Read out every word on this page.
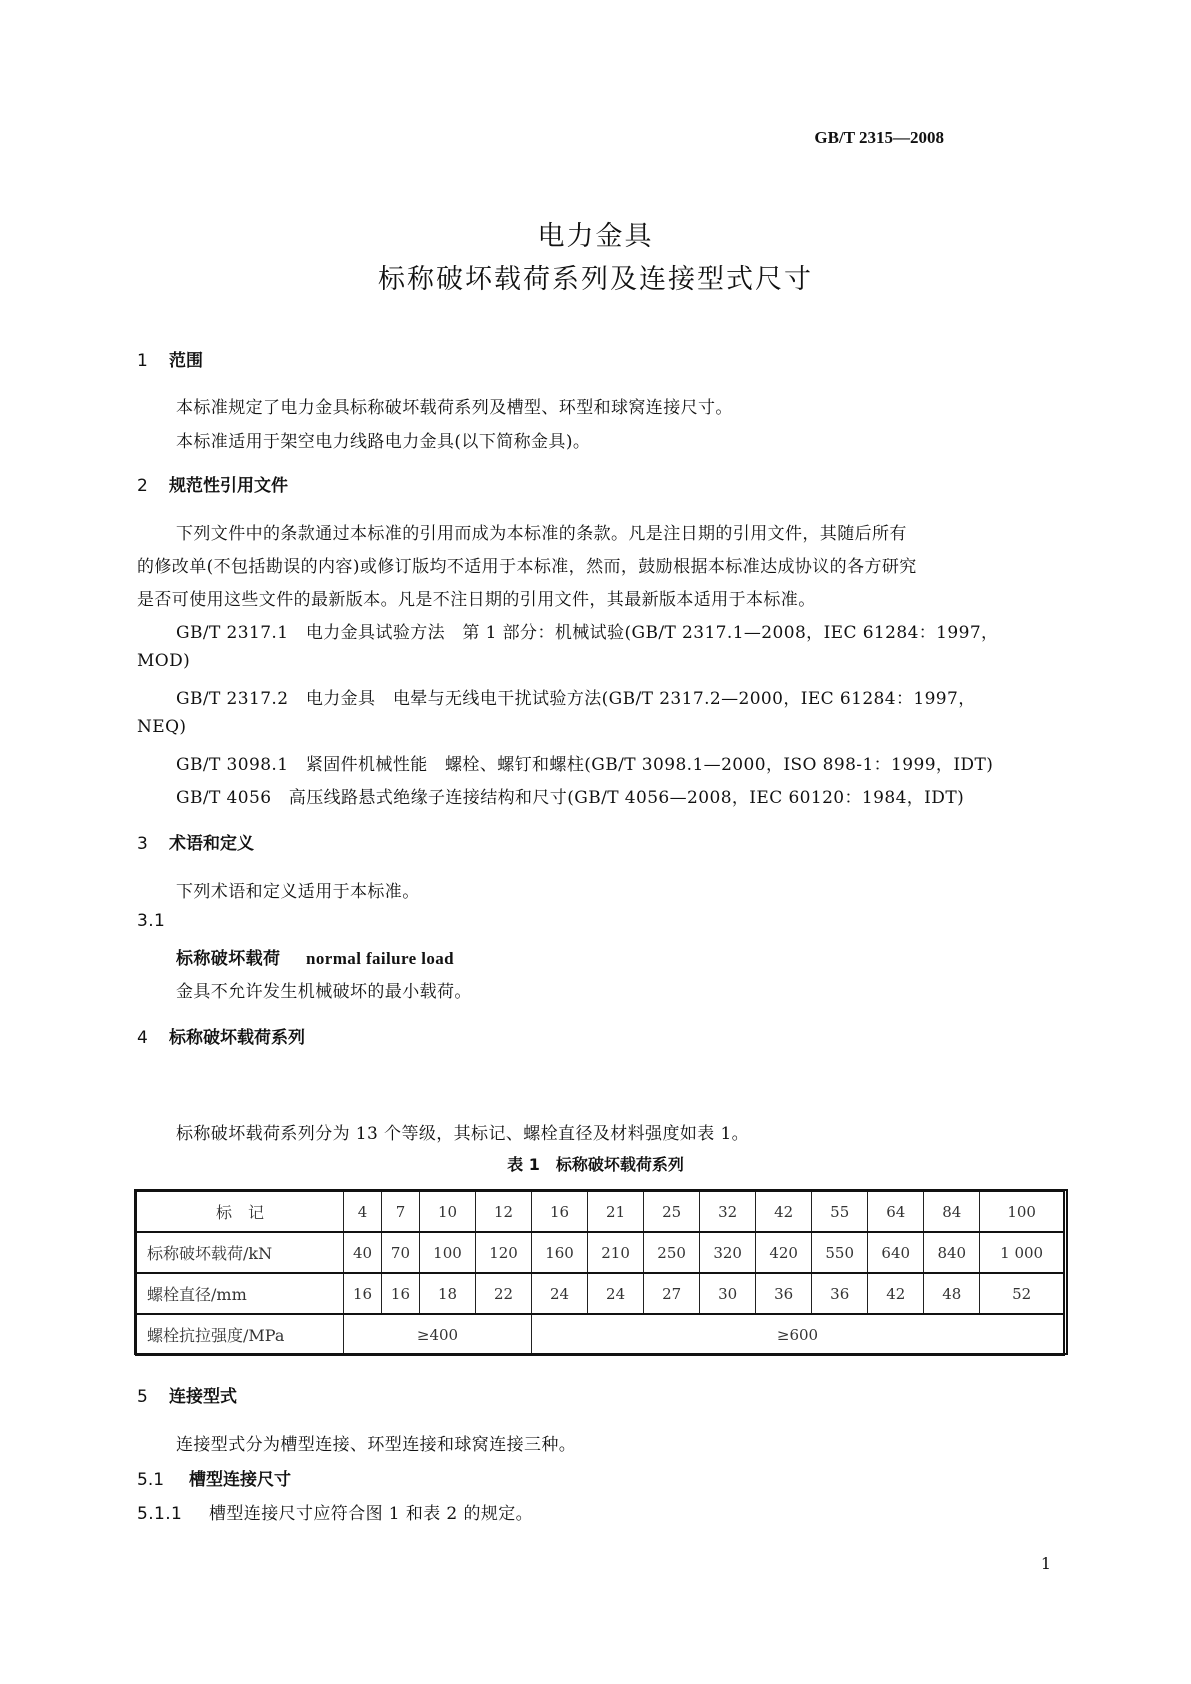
GB/T 2315—2008
电力金具
标称破坏载荷系列及连接型式尺寸
1 范围
本标准规定了电力金具标称破坏载荷系列及槽型、环型和球窝连接尺寸。
本标准适用于架空电力线路电力金具(以下简称金具)。
2 规范性引用文件
下列文件中的条款通过本标准的引用而成为本标准的条款。凡是注日期的引用文件，其随后所有
的修改单(不包括勘误的内容)或修订版均不适用于本标准，然而，鼓励根据本标准达成协议的各方研究
是否可使用这些文件的最新版本。凡是不注日期的引用文件，其最新版本适用于本标准。
GB/T 2317.1　电力金具试验方法　第 1 部分：机械试验(GB/T 2317.1—2008，IEC 61284：1997，
MOD)
GB/T 2317.2　电力金具　电晕与无线电干扰试验方法(GB/T 2317.2—2000，IEC 61284：1997，
NEQ)
GB/T 3098.1　紧固件机械性能　螺栓、螺钉和螺柱(GB/T 3098.1—2000，ISO 898-1：1999，IDT)
GB/T 4056　高压线路悬式绝缘子连接结构和尺寸(GB/T 4056—2008，IEC 60120：1984，IDT)
3 术语和定义
下列术语和定义适用于本标准。
3.1
标称破坏载荷 normal failure load
金具不允许发生机械破坏的最小载荷。
4 标称破坏载荷系列
标称破坏载荷系列分为 13 个等级，其标记、螺栓直径及材料强度如表 1。
表 1　标称破坏载荷系列
标　记	4	7	10	12	16	21	25	32	42	55	64	84	100
标称破坏载荷/kN	40	70	100	120	160	210	250	320	420	550	640	840	1 000
螺栓直径/mm	16	16	18	22	24	24	27	30	36	36	42	48	52
螺栓抗拉强度/MPa	≥400				≥600								
5 连接型式
连接型式分为槽型连接、环型连接和球窝连接三种。
5.1 槽型连接尺寸
5.1.1 槽型连接尺寸应符合图 1 和表 2 的规定。
1
